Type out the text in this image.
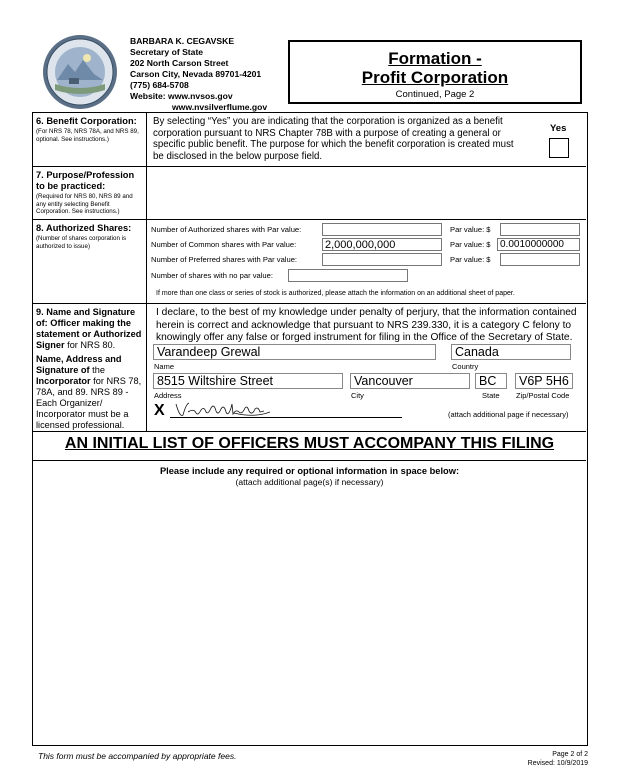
BARBARA K. CEGAVSKE
Secretary of State
202 North Carson Street
Carson City, Nevada 89701-4201
(775) 684-5708
Website: www.nvsos.gov
www.nvsilverflume.gov
Formation -
Profit Corporation
Continued, Page 2
6. Benefit Corporation:
(For NRS 78, NRS 78A, and NRS 89, optional. See instructions.)
By selecting “Yes” you are indicating that the corporation is organized as a benefit corporation pursuant to NRS Chapter 78B with a purpose of creating a general or specific public benefit. The purpose for which the benefit corporation is created must be disclosed in the below purpose field.
Yes
7. Purpose/Profession to be practiced:
(Required for NRS 80, NRS 89 and any entity selecting Benefit Corporation. See instructions.)
8. Authorized Shares:
(Number of shares corporation is authorized to issue)
Number of Authorized shares with Par value:	Par value: $
Number of Common shares with Par value:	2,000,000,000	Par value: $ 0.0010000000
Number of Preferred shares with Par value:	Par value: $
Number of shares with no par value:
If more than one class or series of stock is authorized, please attach the information on an additional sheet of paper.
9. Name and Signature of: Officer making the statement or Authorized Signer for NRS 80.
Name, Address and Signature of the Incorporator for NRS 78, 78A, and 89. NRS 89 - Each Organizer/ Incorporator must be a licensed professional.
I declare, to the best of my knowledge under penalty of perjury, that the information contained herein is correct and acknowledge that pursuant to NRS 239.330, it is a category C felony to knowingly offer any false or forged instrument for filing in the Office of the Secretary of State.
Varandeep Grewal	Canada
Name	Country
8515 Wiltshire Street	Vancouver	BC	V6P 5H6
Address	City	State Zip/Postal Code
X	(attach additional page if necessary)
AN INITIAL LIST OF OFFICERS MUST ACCOMPANY THIS FILING
Please include any required or optional information in space below:
(attach additional page(s) if necessary)
This form must be accompanied by appropriate fees.	Page 2 of 2
Revised: 10/9/2019
